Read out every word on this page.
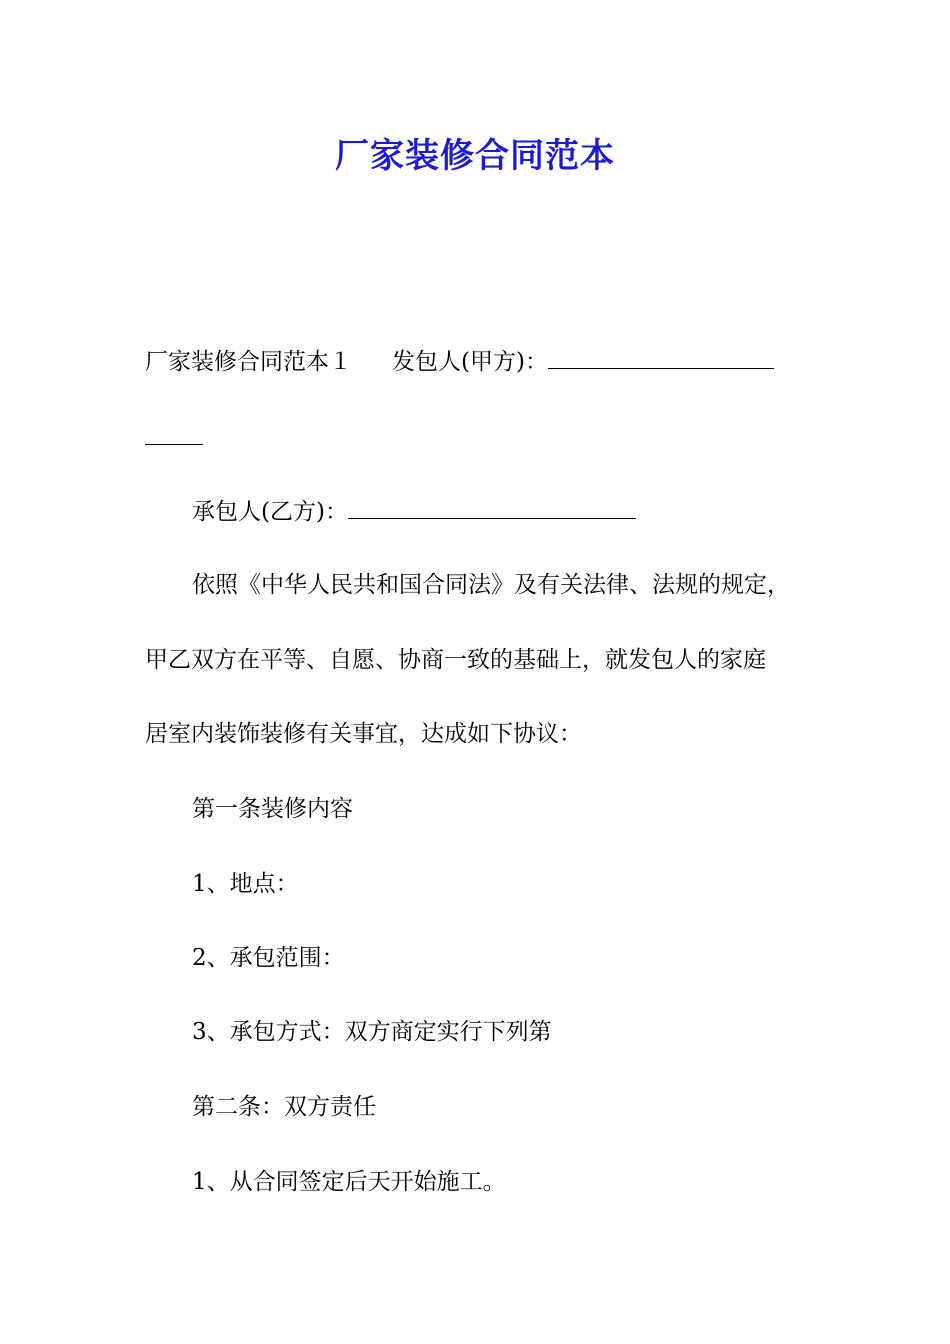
厂家装修合同范本
厂家装修合同范本１ 发包人(甲方)：
承包人(乙方)：
依照《中华人民共和国合同法》及有关法律、法规的规定，
甲乙双方在平等、自愿、协商一致的基础上，就发包人的家庭
居室内装饰装修有关事宜，达成如下协议：
第一条装修内容
1、地点：
2、承包范围：
3、承包方式：双方商定实行下列第
第二条：双方责任
1、从合同签定后天开始施工。
